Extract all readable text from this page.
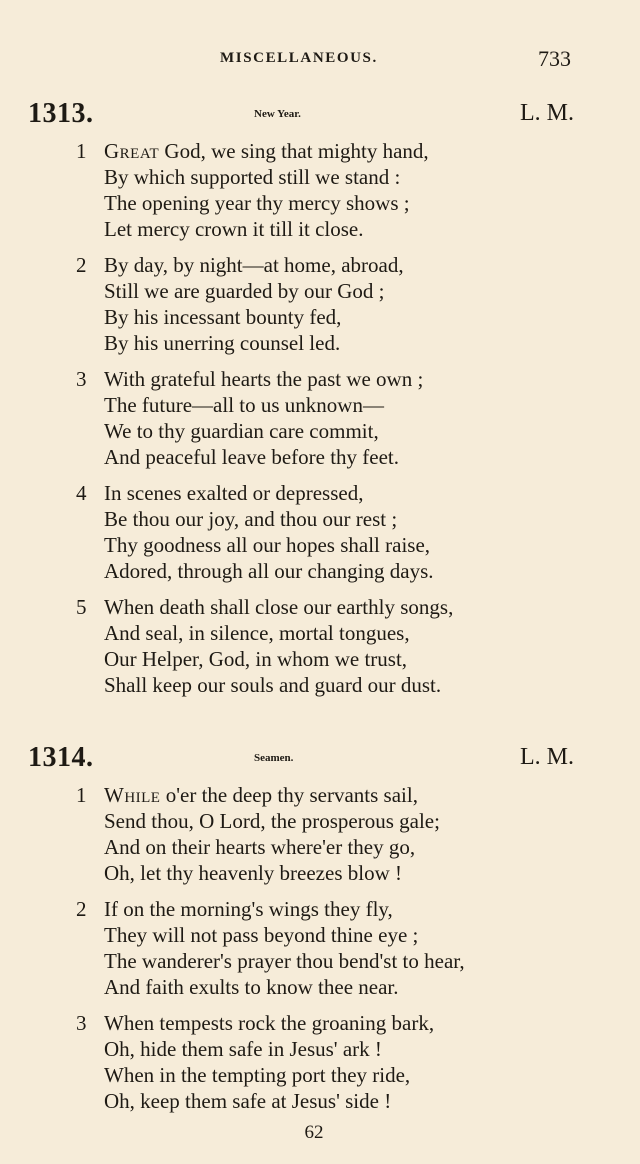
MISCELLANEOUS.	733
1313.	New Year.	L. M.
1 Great God, we sing that mighty hand,
By which supported still we stand :
The opening year thy mercy shows ;
Let mercy crown it till it close.
2 By day, by night—at home, abroad,
Still we are guarded by our God ;
By his incessant bounty fed,
By his unerring counsel led.
3 With grateful hearts the past we own ;
The future—all to us unknown—
We to thy guardian care commit,
And peaceful leave before thy feet.
4 In scenes exalted or depressed,
Be thou our joy, and thou our rest ;
Thy goodness all our hopes shall raise,
Adored, through all our changing days.
5 When death shall close our earthly songs,
And seal, in silence, mortal tongues,
Our Helper, God, in whom we trust,
Shall keep our souls and guard our dust.
1314.	Seamen.	L. M.
1 While o'er the deep thy servants sail,
Send thou, O Lord, the prosperous gale;
And on their hearts where'er they go,
Oh, let thy heavenly breezes blow !
2 If on the morning's wings they fly,
They will not pass beyond thine eye ;
The wanderer's prayer thou bend'st to hear,
And faith exults to know thee near.
3 When tempests rock the groaning bark,
Oh, hide them safe in Jesus' ark !
When in the tempting port they ride,
Oh, keep them safe at Jesus' side !
62
